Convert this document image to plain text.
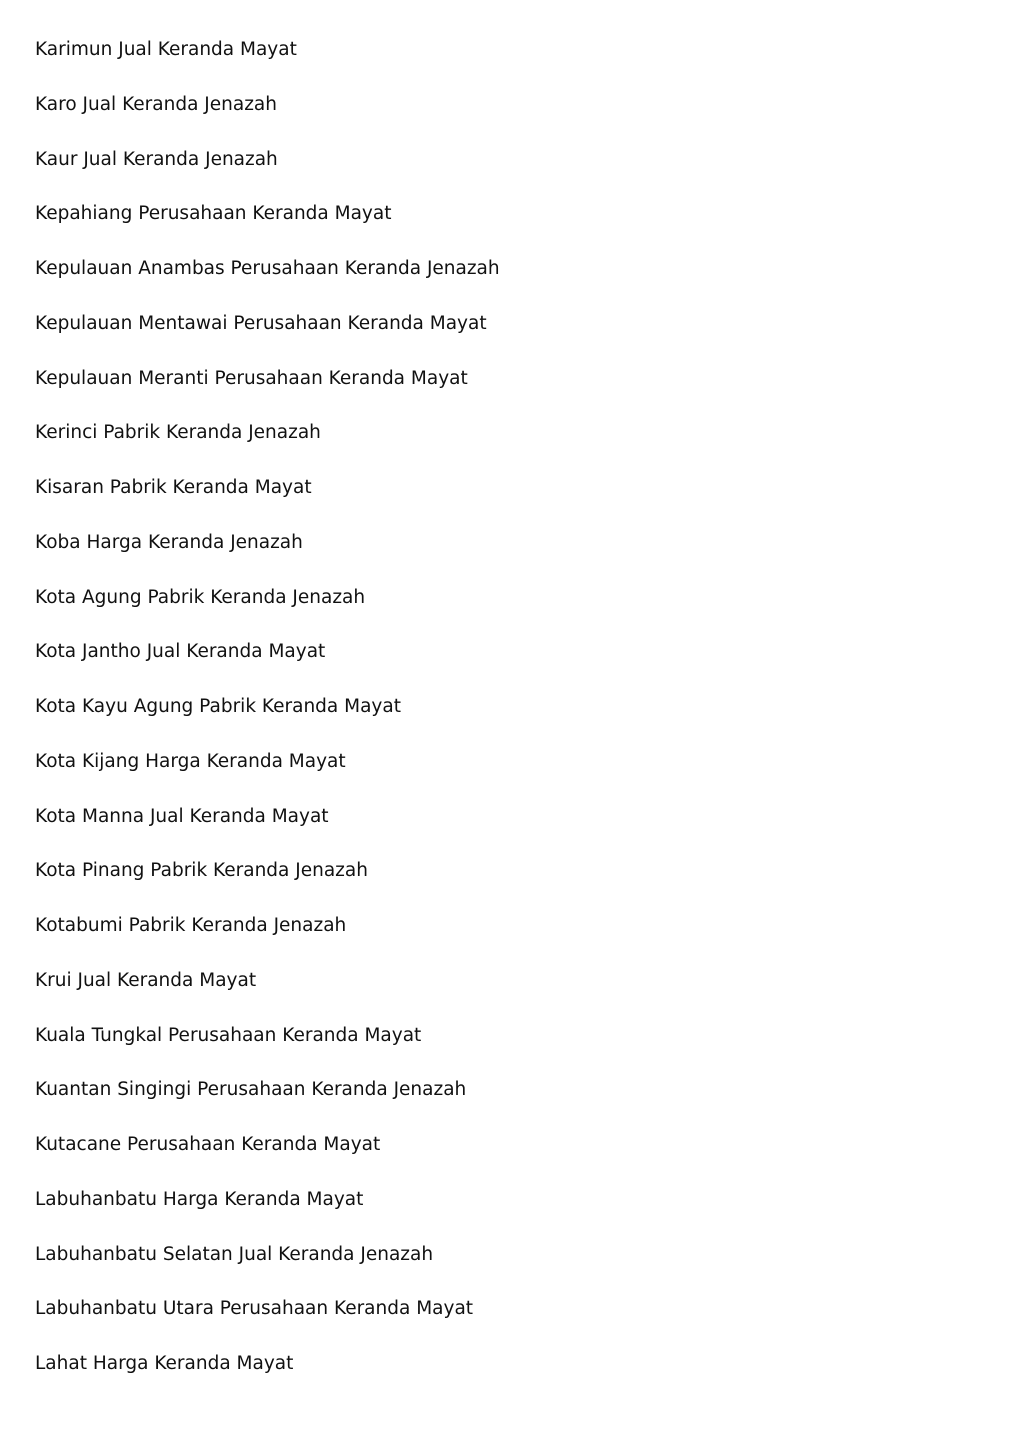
Karimun Jual Keranda Mayat
Karo Jual Keranda Jenazah
Kaur Jual Keranda Jenazah
Kepahiang Perusahaan Keranda Mayat
Kepulauan Anambas Perusahaan Keranda Jenazah
Kepulauan Mentawai Perusahaan Keranda Mayat
Kepulauan Meranti Perusahaan Keranda Mayat
Kerinci Pabrik Keranda Jenazah
Kisaran Pabrik Keranda Mayat
Koba Harga Keranda Jenazah
Kota Agung Pabrik Keranda Jenazah
Kota Jantho Jual Keranda Mayat
Kota Kayu Agung Pabrik Keranda Mayat
Kota Kijang Harga Keranda Mayat
Kota Manna Jual Keranda Mayat
Kota Pinang Pabrik Keranda Jenazah
Kotabumi Pabrik Keranda Jenazah
Krui Jual Keranda Mayat
Kuala Tungkal Perusahaan Keranda Mayat
Kuantan Singingi Perusahaan Keranda Jenazah
Kutacane Perusahaan Keranda Mayat
Labuhanbatu Harga Keranda Mayat
Labuhanbatu Selatan Jual Keranda Jenazah
Labuhanbatu Utara Perusahaan Keranda Mayat
Lahat Harga Keranda Mayat
